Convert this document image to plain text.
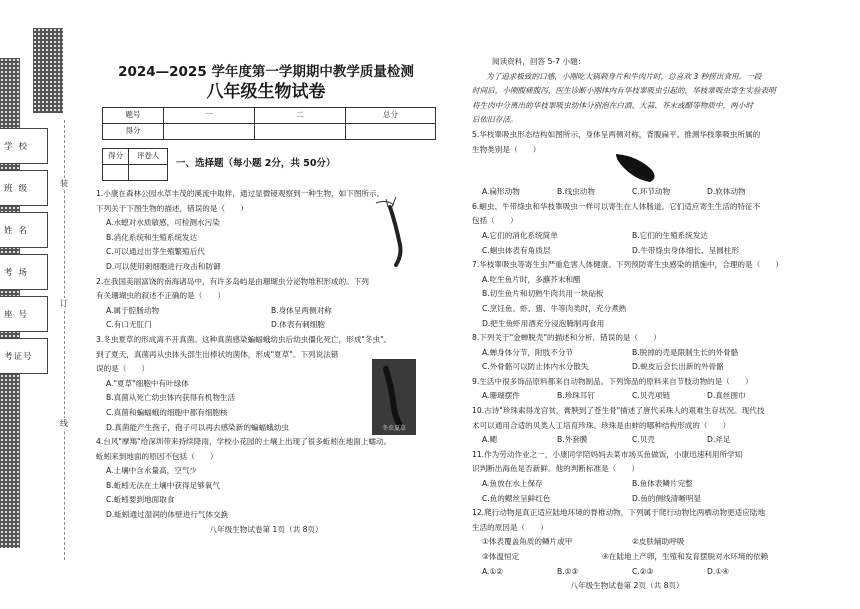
学校
班级
姓名
考场
座号
考证号
装
订
线
2024—2025 学年度第一学期期中教学质量检测
八年级生物试卷
题号	一	二	总分
得分			
得分	评卷人

一、选择题（每小题 2分，共 50分）
1.小康在森林公园水草丰茂的溪流中取样，通过显微镜观察到一种生物，如下图所示。
下列关于下图生物的描述，错误的是（　　）
A.水螅对水质敏感，可检测水污染
B.消化系统和生殖系统发达
C.可以通过出芽生殖繁殖后代
D.可以使用刺细胞进行攻击和防御
2.在我国美丽富饶的南海诸岛中，有许多岛屿是由珊瑚虫分泌物堆积形成的。下列
有关珊瑚虫的叙述不正确的是（　　）
A.属于腔肠动物	B.身体呈两侧对称
C.有口无肛门	D.体表有刺细胞
3.冬虫夏草的形成离不开真菌。这种真菌感染蝙蝠蛾幼虫后幼虫僵化死亡，形成"冬虫"。
到了夏天，真菌再从虫体头部生出棒状的菌体，形成"夏草"。下列说法错
误的是（　　）
A."夏草"细胞中有叶绿体
B.真菌从死亡幼虫体内获得有机物生活
C.真菌和蝙蝠蛾的细胞中都有细胞核
D.真菌能产生孢子，孢子可以再去感染新的蝙蝠蛾幼虫	冬虫夏草
4.台风"摩羯"给深圳带来持续降雨，学校小花园的土壤上出现了很多蚯蚓在地面上蠕动。
蚯蚓来到地面的原因不包括（　　）
A.土壤中含水量高，空气少
B.蚯蚓无法在土壤中获得足够氧气
C.蚯蚓要到地面取食
D.蚯蚓通过湿润的体壁进行气体交换
八年级生物试卷第 1页（共 8页）
阅读资料，回答 5-7 小题：
为了追求极致的口感，小刚吃大锅刺身片和牛肉片时，总喜欢 3 秒捞出食用。一段
时间后，小刚腹痛腹泻，医生诊断小刚体内有华枝睾吸虫引起的，华枝睾吸虫寄生实验表明
将生肉中分离出的华枝睾吸虫幼体分别泡在白酒、大蒜、芥末或醋等物质中，两小时
后依旧存活。
5.华枝睾吸虫形态结构如图所示，身体呈两侧对称，背腹扁平。推测华枝睾吸虫所属的
生物类别是（　　）
A.扁形动物	B.线虫动物	C.环节动物	D.软体动物
6.蛔虫、牛带绦虫和华枝睾吸虫一样可以寄生在人体肠道。它们适应寄生生活的特征不
包括（　　）
A.它们的消化系统简单	B.它们的生殖系统发达
C.蛔虫体表有角质层	D.牛带绦虫身体细长、呈圆柱形
7.华枝睾吸虫等寄生虫严重危害人体健康。下列预防寄生虫感染的措施中，合理的是（　　）
A.吃生鱼片时，多蘸芥末和醋
B.切生鱼片和切熟牛肉共用一块砧板
C.烹饪鱼、虾、猪、牛等肉类时，充分煮熟
D.把生鱼虾用酒充分浸泡腌制再食用
8.下列关于"金蝉脱壳"的描述和分析，错误的是（　　）
A.蝉身体分节，附肢不分节	B.脱掉的壳是限制生长的外骨骼
C.外骨骼可以防止体内水分散失	D.蜕皮后会长出新的外骨骼
9.生活中很多饰品原料都来自动物制品。下列饰品的原料来自节肢动物的是（　　）
A.珊瑚摆件	B.珍珠耳钉	C.贝壳项链	D.真丝围巾
10.古诗"珍珠索得龙宫贫，膏腴到了苍生骨"描述了唐代采珠人的艰难生存状况。现代技
术可以通用合适的贝类人工培育珍珠。珍珠是由蚌的哪种结构形成的（　　）
A.鳃	B.外套膜	C.贝壳	D.斧足
11.作为劳动作业之一，小康同学陪妈妈去菜市场买鱼做饭，小康迅速利用所学知
识判断出海鱼是否新鲜。他的判断标准是（　　）
A.鱼放在水上保存	B.鱼体表鳞片完整
C.鱼的鳃丝呈鲜红色	D.鱼的侧线清晰明显
12.爬行动物是真正适应陆地环境的脊椎动物，下列属于爬行动物比两栖动物更适应陆地
生活的原因是（　　）
①体表覆盖角质的鳞片或甲	②皮肤辅助呼吸
③体温恒定	④在陆地上产卵，生殖和发育摆脱对水环境的依赖
A.①②	B.①③	C.②③	D.①④
八年级生物试卷第 2页（共 8页）
